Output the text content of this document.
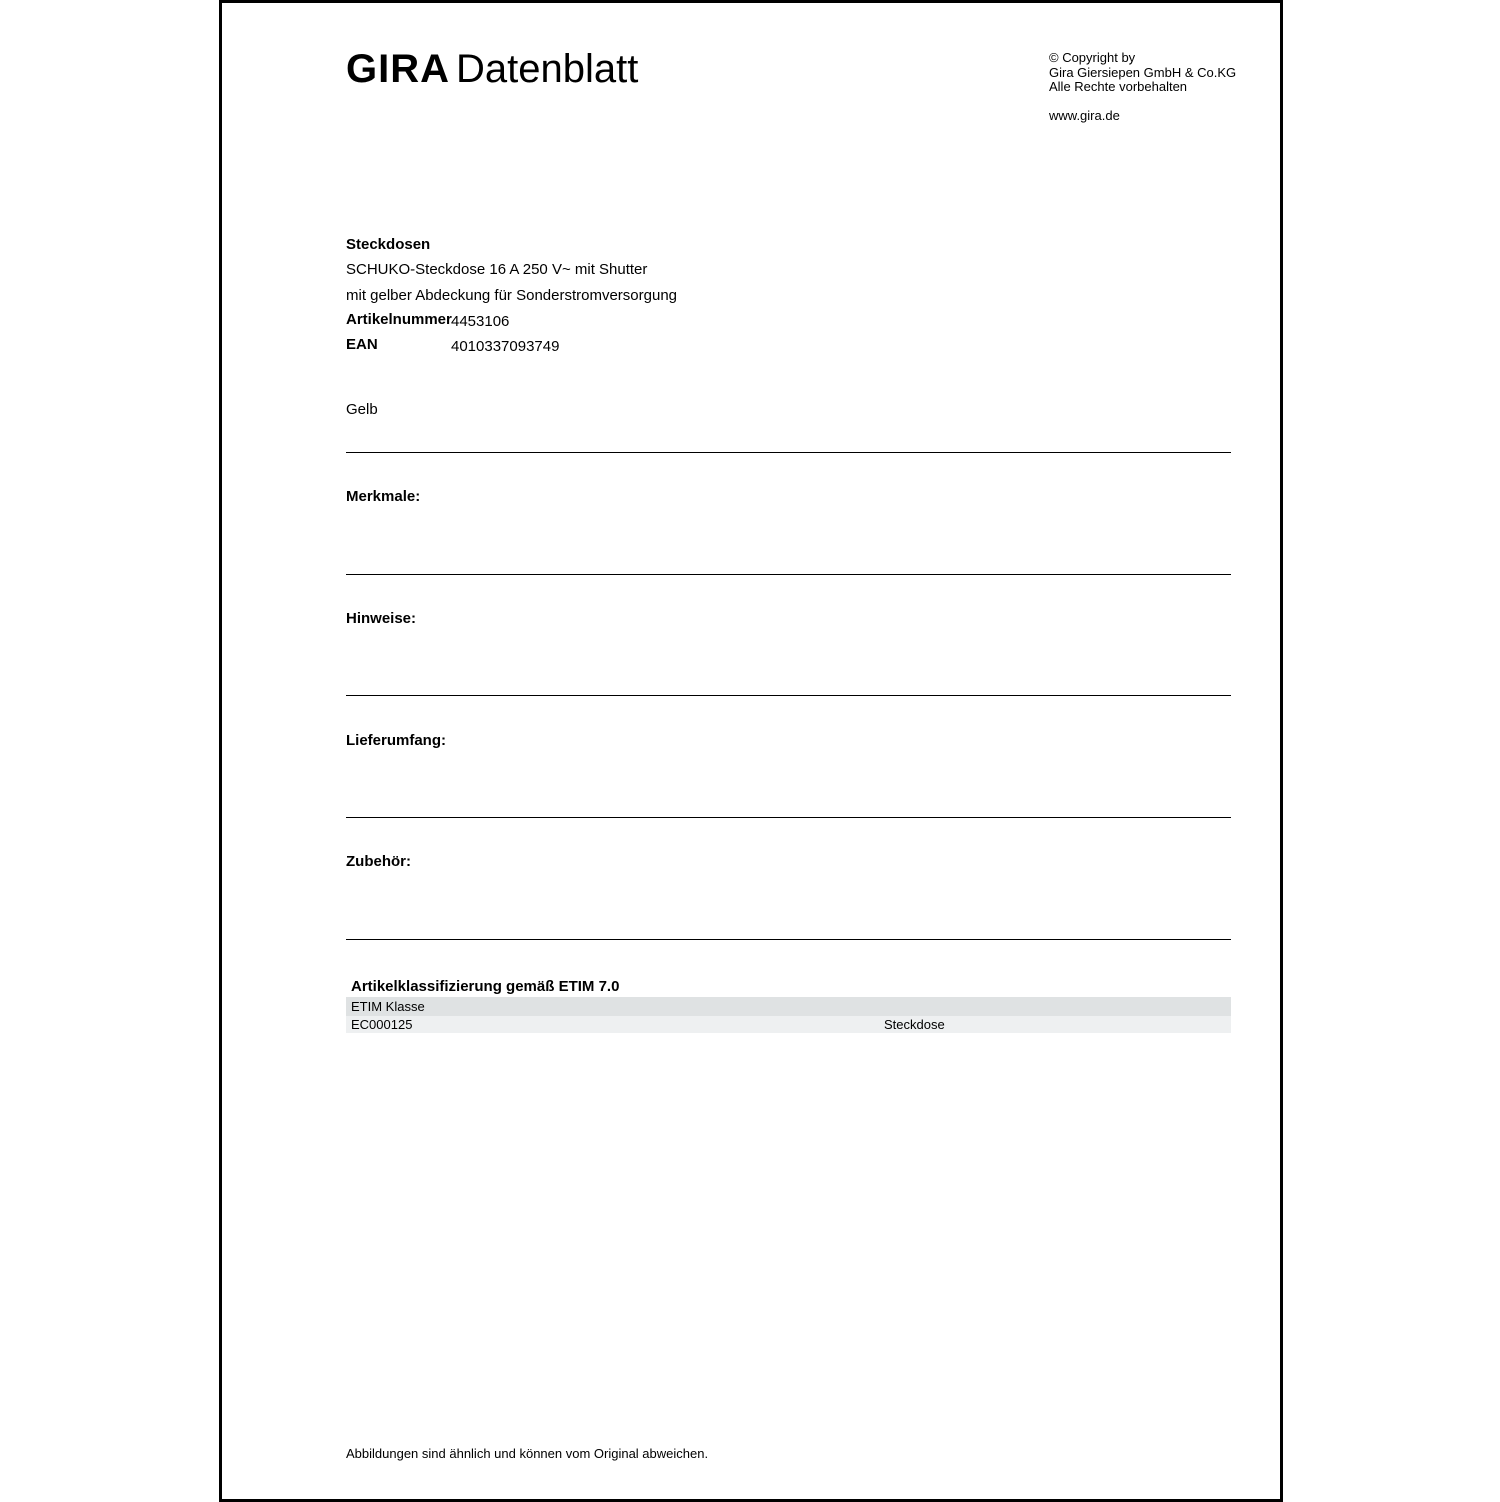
GIRA Datenblatt	© Copyright by
Gira Giersiepen GmbH & Co.KG
Alle Rechte vorbehalten
www.gira.de
Steckdosen
SCHUKO-Steckdose 16 A 250 V~ mit Shutter
mit gelber Abdeckung für Sonderstromversorgung
Artikelnummer 4453106
EAN	4010337093749
Gelb
Merkmale:
Hinweise:
Lieferumfang:
Zubehör:
Artikelklassifizierung gemäß ETIM 7.0
ETIM Klasse
EC000125	Steckdose
Abbildungen sind ähnlich und können vom Original abweichen.
